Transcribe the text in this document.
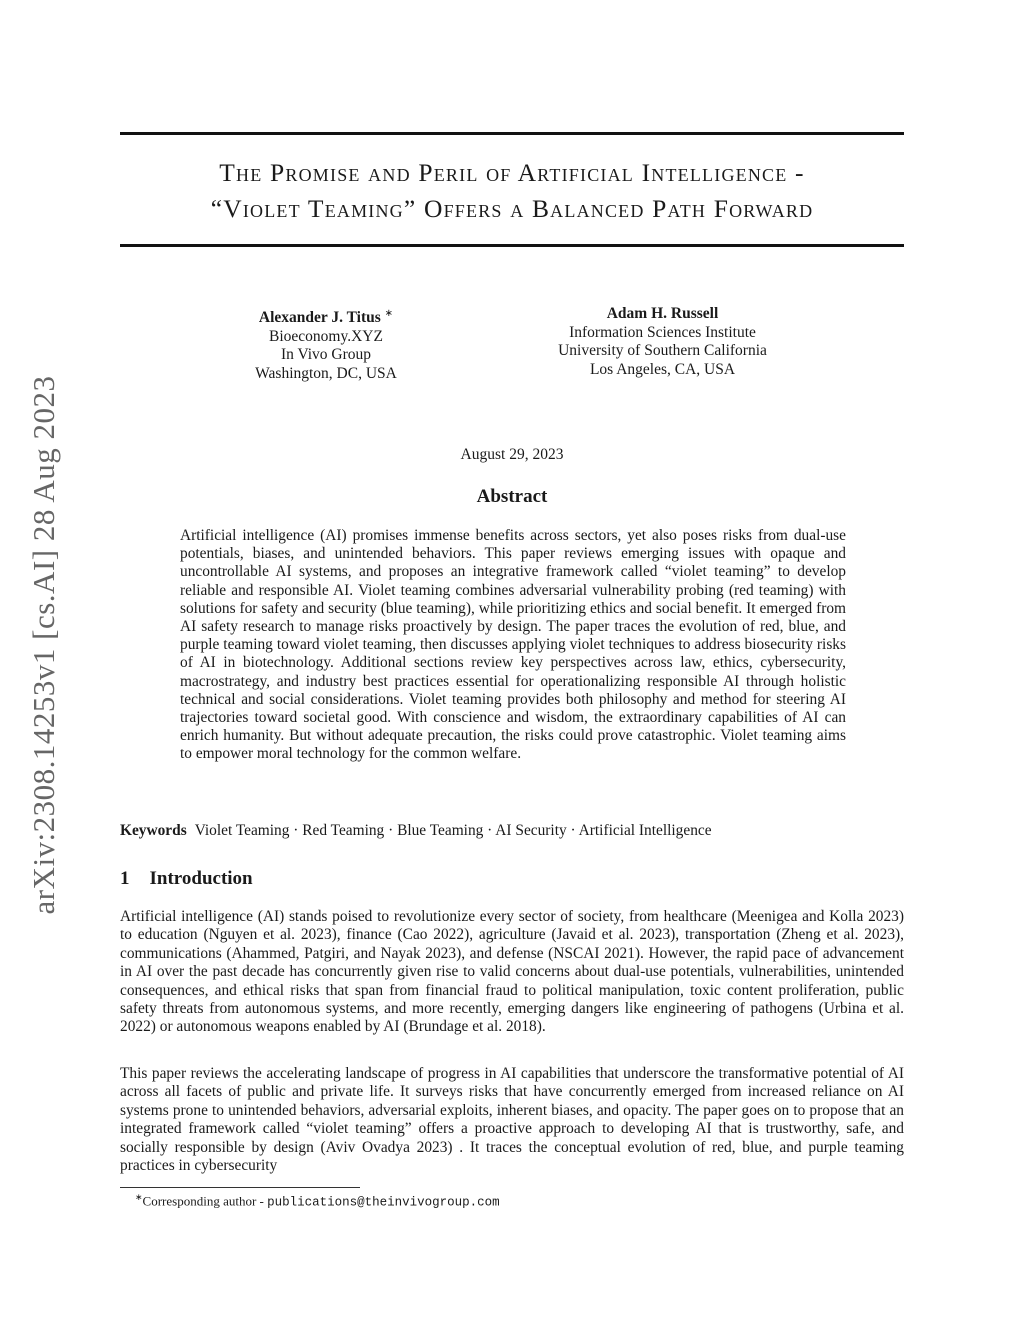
arXiv:2308.14253v1 [cs.AI] 28 Aug 2023
The Promise and Peril of Artificial Intelligence -
“Violet Teaming” Offers a Balanced Path Forward
Alexander J. Titus ∗
Bioeconomy.XYZ
In Vivo Group
Washington, DC, USA
Adam H. Russell
Information Sciences Institute
University of Southern California
Los Angeles, CA, USA
August 29, 2023
Abstract

Artificial intelligence (AI) promises immense benefits across sectors, yet also poses risks from dual-use potentials, biases, and unintended behaviors. This paper reviews emerging issues with opaque and uncontrollable AI systems, and proposes an integrative framework called “violet teaming” to develop reliable and responsible AI. Violet teaming combines adversarial vulnerability probing (red teaming) with solutions for safety and security (blue teaming), while prioritizing ethics and social benefit. It emerged from AI safety research to manage risks proactively by design. The paper traces the evolution of red, blue, and purple teaming toward violet teaming, then discusses applying violet techniques to address biosecurity risks of AI in biotechnology. Additional sections review key perspectives across law, ethics, cybersecurity, macrostrategy, and industry best practices essential for operationalizing responsible AI through holistic technical and social considerations. Violet teaming provides both philosophy and method for steering AI trajectories toward societal good. With conscience and wisdom, the extraordinary capabilities of AI can enrich humanity. But without adequate precaution, the risks could prove catastrophic. Violet teaming aims to empower moral technology for the common welfare.

Keywords Violet Teaming · Red Teaming · Blue Teaming · AI Security · Artificial Intelligence
1 Introduction

Artificial intelligence (AI) stands poised to revolutionize every sector of society, from healthcare (Meenigea and Kolla 2023) to education (Nguyen et al. 2023), finance (Cao 2022), agriculture (Javaid et al. 2023), transportation (Zheng et al. 2023), communications (Ahammed, Patgiri, and Nayak 2023), and defense (NSCAI 2021). However, the rapid pace of advancement in AI over the past decade has concurrently given rise to valid concerns about dual-use potentials, vulnerabilities, unintended consequences, and ethical risks that span from financial fraud to political manipulation, toxic content proliferation, public safety threats from autonomous systems, and more recently, emerging dangers like engineering of pathogens (Urbina et al. 2022) or autonomous weapons enabled by AI (Brundage et al. 2018).

This paper reviews the accelerating landscape of progress in AI capabilities that underscore the transformative potential of AI across all facets of public and private life. It surveys risks that have concurrently emerged from increased reliance on AI systems prone to unintended behaviors, adversarial exploits, inherent biases, and opacity. The paper goes on to propose that an integrated framework called “violet teaming” offers a proactive approach to developing AI that is trustworthy, safe, and socially responsible by design (Aviv Ovadya 2023) . It traces the conceptual evolution of red, blue, and purple teaming practices in cybersecurity

∗Corresponding author - publications@theinvivogroup.com
